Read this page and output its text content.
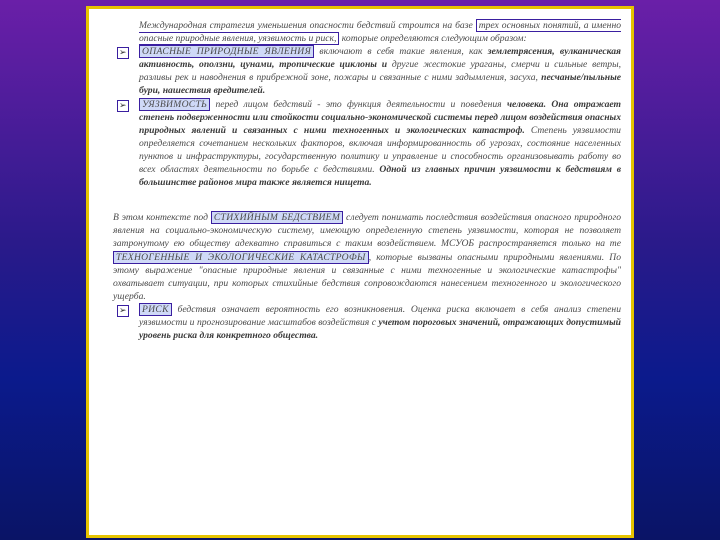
Международная стратегия уменьшения опасности бедствий строится на базе трех основных понятий, а именно опасные природные явления, уязвимость и риск, которые определяются следующим образом:

➢ ОПАСНЫЕ ПРИРОДНЫЕ ЯВЛЕНИЯ включают в себя такие явления, как землетрясения, вулканическая активность, оползни, цунами, тропические циклоны и другие жестокие ураганы, смерчи и сильные ветры, разливы рек и наводнения в прибрежной зоне, пожары и связанные с ними задымления, засуха, песчаные/пыльные бури, нашествия вредителей.

➢ УЯЗВИМОСТЬ перед лицом бедствий - это функция деятельности и поведения человека. Она отражает степень подверженности или стойкости социально-экономической системы перед лицом воздействия опасных природных явлений и связанных с ними техногенных и экологических катастроф. Степень уязвимости определяется сочетанием нескольких факторов, включая информированность об угрозах, состояние населенных пунктов и инфраструктуры, государственную политику и управление и способность организовывать работу во всех областях деятельности по борьбе с бедствиями. Одной из главных причин уязвимости к бедствиям в большинстве районов мира также является нищета.

В этом контексте под СТИХИЙНЫМ БЕДСТВИЕМ следует понимать последствия воздействия опасного природного явления на социально-экономическую систему, имеющую определенную степень уязвимости, которая не позволяет затронутому ею обществу адекватно справиться с таким воздействием. МСУОБ распространяется только на те ТЕХНОГЕННЫЕ И ЭКОЛОГИЧЕСКИЕ КАТАСТРОФЫ , которые вызваны опасными природными явлениями. По этому выражение "опасные природные явления и связанные с ними техногенные и экологические катастрофы" охватывает ситуации, при которых стихийные бедствия сопровождаются нанесением техногенного и экологического ущерба.

➢ РИСК бедствия означает вероятность его возникновения. Оценка риска включает в себя анализ степени уязвимости и прогнозирование масштабов воздействия с учетом пороговых значений, отражающих допустимый уровень риска для конкретного общества.
